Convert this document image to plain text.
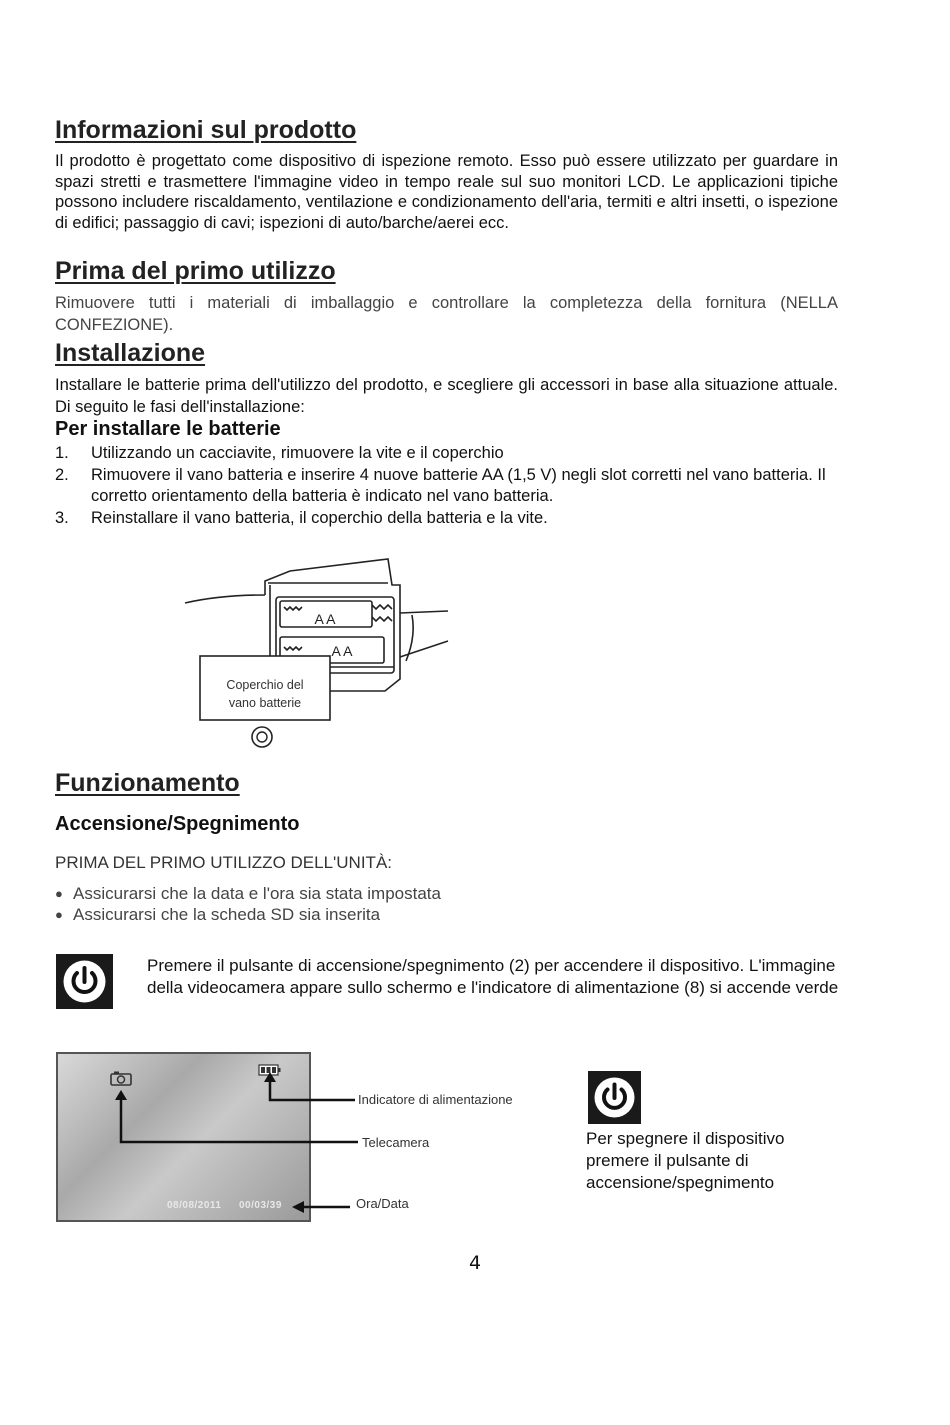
Informazioni sul prodotto

Il prodotto è progettato come dispositivo di ispezione remoto. Esso può essere utilizzato per guardare in spazi stretti e trasmettere l'immagine video in tempo reale sul suo monitori LCD. Le applicazioni tipiche possono includere riscaldamento, ventilazione e condizionamento dell'aria, termiti e altri insetti, o ispezione di edifici; passaggio di cavi; ispezioni di auto/barche/aerei ecc.

Prima del primo utilizzo

Rimuovere tutti i materiali di imballaggio e controllare la completezza della fornitura (NELLA CONFEZIONE).

Installazione

Installare le batterie prima dell'utilizzo del prodotto, e scegliere gli accessori in base alla situazione attuale. Di seguito le fasi dell'installazione:

Per installare le batterie
1. Utilizzando un cacciavite, rimuovere la vite e il coperchio
2. Rimuovere il vano batteria e inserire 4 nuove batterie AA (1,5 V) negli slot corretti nel vano batteria. Il corretto orientamento della batteria è indicato nel vano batteria.
3. Reinstallare il vano batteria, il coperchio della batteria e la vite.
A A
A A
Coperchio del
vano batterie
Funzionamento
Accensione/Spegnimento
PRIMA DEL PRIMO UTILIZZO DELL'UNITÀ:
● Assicurarsi che la data e l'ora sia stata impostata
● Assicurarsi che la scheda SD sia inserita

Premere il pulsante di accensione/spegnimento (2) per accendere il dispositivo. L'immagine della videocamera appare sullo schermo e l'indicatore di alimentazione (8) si accende verde

08/08/2011 00/03/39
Indicatore di alimentazione
Telecamera
Ora/Data

Per spegnere il dispositivo premere il pulsante di accensione/spegnimento

4
